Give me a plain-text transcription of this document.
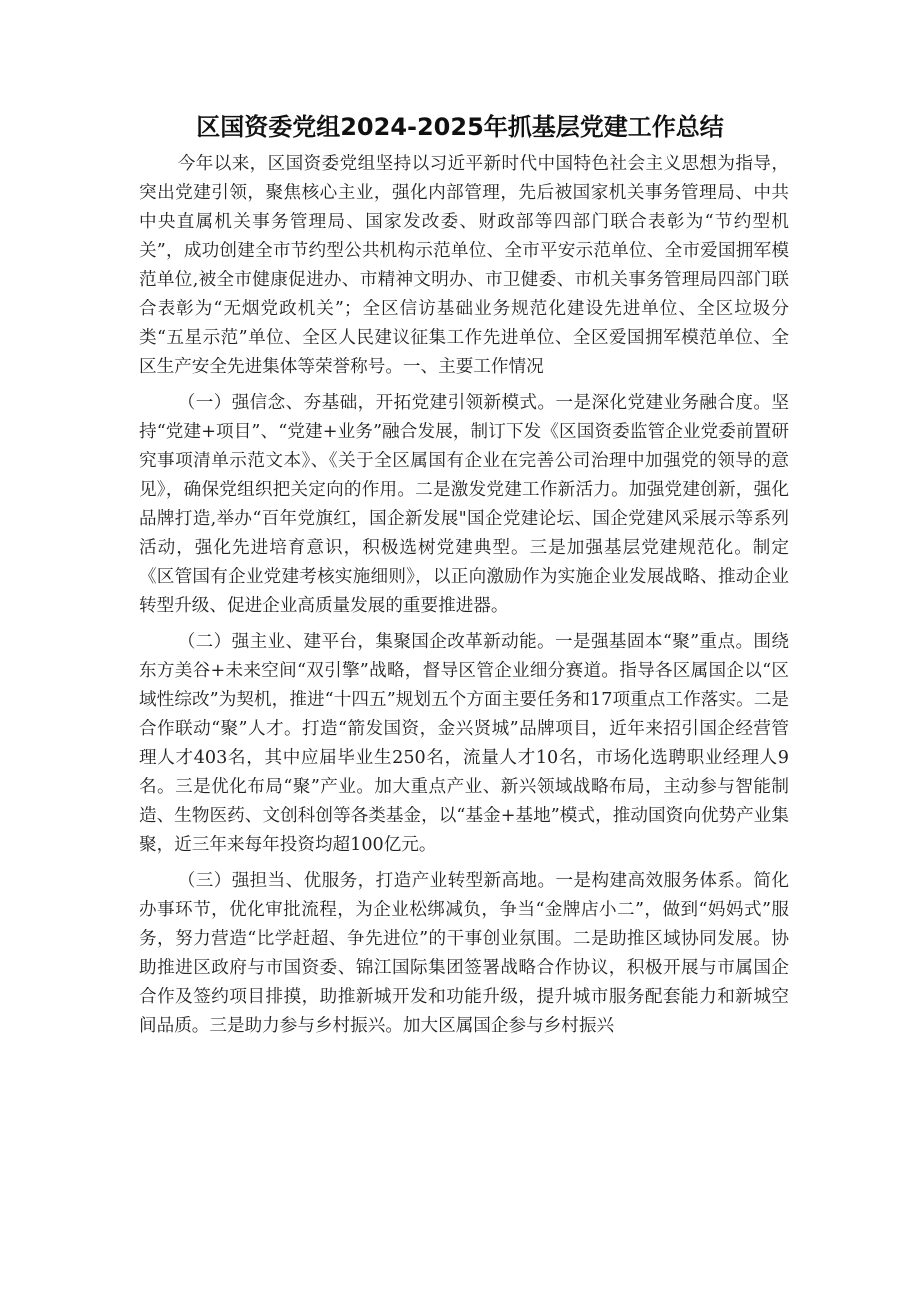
区国资委党组2024-2025年抓基层党建工作总结

今年以来，区国资委党组坚持以习近平新时代中国特色社会主义思想为指导，突出党建引领，聚焦核心主业，强化内部管理，先后被国家机关事务管理局、中共中央直属机关事务管理局、国家发改委、财政部等四部门联合表彰为“节约型机关”，成功创建全市节约型公共机构示范单位、全市平安示范单位、全市爱国拥军模范单位,被全市健康促进办、市精神文明办、市卫健委、市机关事务管理局四部门联合表彰为“无烟党政机关”；全区信访基础业务规范化建设先进单位、全区垃圾分类“五星示范”单位、全区人民建议征集工作先进单位、全区爱国拥军模范单位、全区生产安全先进集体等荣誉称号。一、主要工作情况

（一）强信念、夯基础，开拓党建引领新模式。一是深化党建业务融合度。坚持“党建+项目”、“党建+业务”融合发展，制订下发《区国资委监管企业党委前置研究事项清单示范文本》、《关于全区属国有企业在完善公司治理中加强党的领导的意见》，确保党组织把关定向的作用。二是激发党建工作新活力。加强党建创新，强化品牌打造,举办“百年党旗红，国企新发展"国企党建论坛、国企党建风采展示等系列活动，强化先进培育意识，积极选树党建典型。三是加强基层党建规范化。制定《区管国有企业党建考核实施细则》，以正向激励作为实施企业发展战略、推动企业转型升级、促进企业高质量发展的重要推进器。

（二）强主业、建平台，集聚国企改革新动能。一是强基固本“聚”重点。围绕东方美谷+未来空间“双引擎”战略，督导区管企业细分赛道。指导各区属国企以“区域性综改”为契机，推进“十四五”规划五个方面主要任务和17项重点工作落实。二是合作联动“聚”人才。打造“箭发国资，金兴贤城”品牌项目，近年来招引国企经营管理人才403名，其中应届毕业生250名，流量人才10名，市场化选聘职业经理人9名。三是优化布局“聚”产业。加大重点产业、新兴领域战略布局，主动参与智能制造、生物医药、文创科创等各类基金，以“基金+基地”模式，推动国资向优势产业集聚，近三年来每年投资均超100亿元。

（三）强担当、优服务，打造产业转型新高地。一是构建高效服务体系。简化办事环节，优化审批流程，为企业松绑减负，争当“金牌店小二”，做到“妈妈式”服务，努力营造“比学赶超、争先进位”的干事创业氛围。二是助推区域协同发展。协助推进区政府与市国资委、锦江国际集团签署战略合作协议，积极开展与市属国企合作及签约项目排摸，助推新城开发和功能升级，提升城市服务配套能力和新城空间品质。三是助力参与乡村振兴。加大区属国企参与乡村振兴
